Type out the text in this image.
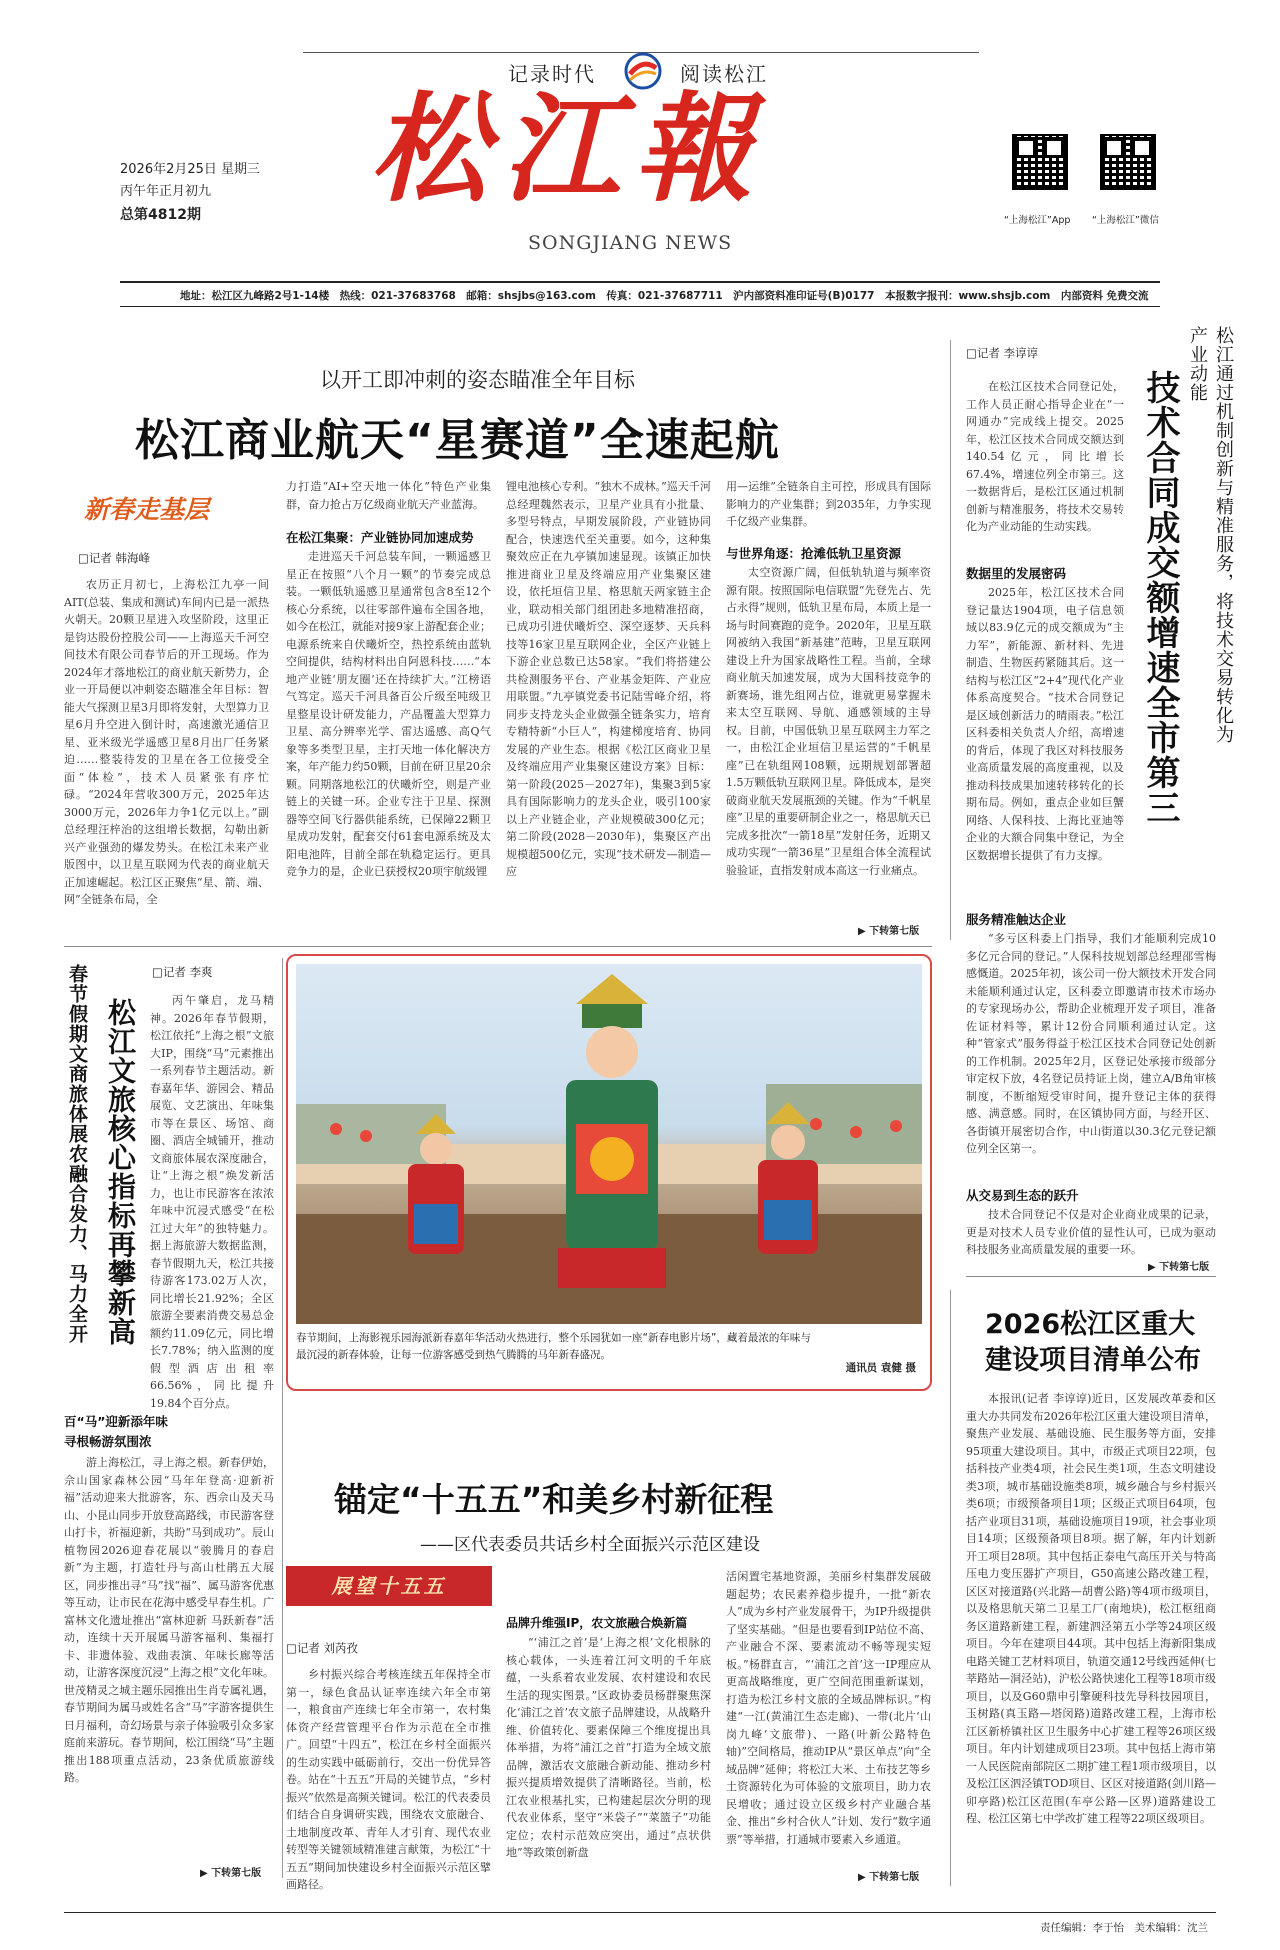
记录时代	阅读松江
松江報
SONGJIANG NEWS
2026年2月25日 星期三
丙午年正月初九
总第4812期	“上海松江”App “上海松江”微信
地址：松江区九峰路2号1-14楼　热线：021-37683768　邮箱：shsjbs@163.com　传真：021-37687711　沪内部资料准印证号(B)0177　本报数字报刊：www.shsjb.com　内部资料 免费交流
以开工即冲刺的姿态瞄准全年目标
松江商业航天“星赛道”全速起航
新春走基层
□记者 韩海峰
农历正月初七，上海松江九亭一间AIT(总装、集成和测试)车间内已是一派热火朝天。20颗卫星进入攻坚阶段，这里正是钧达股份控股公司——上海巡天千河空间技术有限公司春节后的开工现场。作为2024年才落地松江的商业航天新势力，企业一开局便以冲刺姿态瞄准全年目标：智能大气探测卫星3月即将发射，大型算力卫星6月升空进入倒计时，高速激光通信卫星、亚米级光学遥感卫星8月出厂任务紧迫……整装待发的卫星在各工位接受全面“体检”，技术人员紧张有序忙碌。“2024年营收300万元，2025年达3000万元，2026年力争1亿元以上。”副总经理汪梓治的这组增长数据，勾勒出新兴产业强劲的爆发势头。在松江未来产业版图中，以卫星互联网为代表的商业航天正加速崛起。松江区正聚焦“星、箭、端、网”全链条布局，全
力打造“AI+空天地一体化”特色产业集群，奋力抢占万亿级商业航天产业蓝海。
在松江集聚：产业链协同加速成势
走进巡天千河总装车间，一颗遥感卫星正在按照“八个月一颗”的节奏完成总装。一颗低轨遥感卫星通常包含8至12个核心分系统，以往零部件遍布全国各地，如今在松江，就能对接9家上游配套企业；电源系统来自伏曦炘空，热控系统由蓝轨空间提供，结构材料出自阿恩科技……“本地产业链‘朋友圈’还在持续扩大。”江榜语气笃定。巡天千河具备百公斤级至吨级卫星整星设计研发能力，产品覆盖大型算力卫星、高分辨率光学、雷达遥感、高Q气象等多类型卫星，主打天地一体化解决方案，年产能力约50颗，目前在研卫星20余颗。同期落地松江的伏曦炘空，则是产业链上的关键一环。企业专注于卫星、探测器等空间飞行器供能系统，已保障22颗卫星成功发射，配套交付61套电源系统及太阳电池阵，目前全部在轨稳定运行。更具竞争力的是，企业已获授权20项宇航级锂
锂电池核心专利。“独木不成林。”巡天千河总经理魏然表示，卫星产业具有小批量、多型号特点，早期发展阶段，产业链协同配合，快速迭代至关重要。如今，这种集聚效应正在九亭镇加速显现。该镇正加快推进商业卫星及终端应用产业集聚区建设，依托垣信卫星、格思航天两家链主企业，联动相关部门组团赴多地精准招商，已成功引进伏曦炘空、深空逐梦、天兵科技等16家卫星互联网企业，全区产业链上下游企业总数已达58家。“我们将搭建公共检测服务平台、产业基金矩阵、产业应用联盟。”九亭镇党委书记陆雪峰介绍，将同步支持龙头企业做强全链条实力，培育专精特新“小巨人”，构建梯度培育、协同发展的产业生态。根据《松江区商业卫星及终端应用产业集聚区建设方案》目标：第一阶段(2025－2027年)，集聚3到5家具有国际影响力的龙头企业，吸引100家以上产业链企业，产业规模破300亿元；第二阶段(2028－2030年)，集聚区产出规模超500亿元，实现“技术研发—制造—应
用—运维”全链条自主可控，形成具有国际影响力的产业集群；到2035年，力争实现千亿级产业集群。
与世界角逐：抢滩低轨卫星资源
太空资源广阔，但低轨轨道与频率资源有限。按照国际电信联盟“先登先占、先占永得”规则，低轨卫星布局，本质上是一场与时间赛跑的竞争。2020年，卫星互联网被纳入我国“新基建”范畴，卫星互联网建设上升为国家战略性工程。当前，全球商业航天加速发展，成为大国科技竞争的新赛场，谁先组网占位，谁就更易掌握未来太空互联网、导航、通感领域的主导权。目前，中国低轨卫星互联网主力军之一，由松江企业垣信卫星运营的“千帆星座”已在轨组网108颗，远期规划部署超1.5万颗低轨互联网卫星。降低成本，是突破商业航天发展瓶颈的关键。作为“千帆星座”卫星的重要研制企业之一，格思航天已完成多批次“一箭18星”发射任务，近期又成功实现“一箭36星”卫星组合体全流程试验验证，直指发射成本高这一行业痛点。
▶ 下转第七版
□记者 李谆谆	松江通过机制创新与精准服务，将技术交易转化为产业动能
技术合同成交额增速全市第三
在松江区技术合同登记处，工作人员正耐心指导企业在“一网通办”完成线上提交。2025年，松江区技术合同成交额达到140.54亿元，同比增长67.4%，增速位列全市第三。这一数据背后，是松江区通过机制创新与精准服务，将技术交易转化为产业动能的生动实践。
数据里的发展密码
2025年，松江区技术合同登记量达1904项，电子信息领域以83.9亿元的成交额成为“主力军”，新能源、新材料、先进制造、生物医药紧随其后。这一结构与松江区“2+4”现代化产业体系高度契合。“技术合同登记是区域创新活力的晴雨表。”松江区科委相关负责人介绍，高增速的背后，体现了我区对科技服务业高质量发展的高度重视，以及推动科技成果加速转移转化的长期布局。例如，重点企业如巨蟹网络、人保科技、上海比亚迪等企业的大额合同集中登记，为全区数据增长提供了有力支撑。
服务精准触达企业
“多亏区科委上门指导，我们才能顺利完成10多亿元合同的登记。”人保科技规划部总经理邵雪梅感慨道。2025年初，该公司一份大额技术开发合同未能顺利通过认定，区科委立即邀请市技术市场办的专家现场办公，帮助企业梳理开发子项目，准备佐证材料等，累计12份合同顺利通过认定。这种“管家式”服务得益于松江区技术合同登记处创新的工作机制。2025年2月，区登记处承接市级部分审定权下放，4名登记员持证上岗，建立A/B角审核制度，不断缩短受审时间，提升登记主体的获得感、满意感。同时，在区镇协同方面，与经开区、各街镇开展密切合作，中山街道以30.3亿元登记额位列全区第一。
从交易到生态的跃升
技术合同登记不仅是对企业商业成果的记录，更是对技术人员专业价值的显性认可，已成为驱动科技服务业高质量发展的重要一环。
▶ 下转第七版
2026松江区重大
建设项目清单公布
本报讯(记者 李谆谆)近日，区发展改革委和区重大办共同发布2026年松江区重大建设项目清单，聚焦产业发展、基础设施、民生服务等方面，安排95项重大建设项目。其中，市级正式项目22项，包括科技产业类4项，社会民生类1项，生态文明建设类3项，城市基础设施类8项，城乡融合与乡村振兴类6项；市级预备项目1项；区级正式项目64项，包括产业项目31项，基础设施项目19项，社会事业项目14项；区级预备项目8项。据了解，年内计划新开工项目28项。其中包括正泰电气高压开关与特高压电力变压器扩产项目，G50高速公路改建工程，区区对接道路(兴北路—胡曹公路)等4项市级项目，以及格思航天第二卫星工厂(南地块)，松江枢纽商务区道路新建工程，新建泗泾第五小学等24项区级项目。今年在建项目44项。其中包括上海新阳集成电路关键工艺材料项目，轨道交通12号线西延伸(七莘路站—洞泾站)，沪松公路快速化工程等18项市级项目，以及G60鼎申引擎硬科技先导科技园项目，玉树路(真玉路—塔闵路)道路改建工程，上海市松江区新桥镇社区卫生服务中心扩建工程等26项区级项目。年内计划建成项目23项。其中包括上海市第一人民医院南部院区二期扩建工程1项市级项目，以及松江区泗泾镇TOD项目、区区对接道路(剑川路—卯亭路)松江区范围(车亭公路—区界)道路建设工程、松江区第七中学改扩建工程等22项区级项目。
春节假期文商旅体展农融合发力、马力全开 松江文旅核心指标再攀新高
□记者 李爽
丙午肇启，龙马精神。2026年春节假期，松江依托“上海之根”文旅大IP，围绕“马”元素推出一系列春节主题活动。新春嘉年华、游园会、精品展览、文艺演出、年味集市等在景区、场馆、商圈、酒店全城铺开，推动文商旅体展农深度融合，让“上海之根”焕发新活力，也让市民游客在浓浓年味中沉浸式感受“在松江过大年”的独特魅力。据上海旅游大数据监测，春节假期九天，松江共接待游客173.02万人次，同比增长21.92%；全区旅游全要素消费交易总金额约11.09亿元，同比增长7.78%；纳入监测的度假型酒店出租率66.56%，同比提升19.84个百分点。
百“马”迎新添年味
寻根畅游氛围浓
游上海松江，寻上海之根。新春伊始，佘山国家森林公园“马年年登高·迎新祈福”活动迎来大批游客，东、西佘山及天马山、小昆山同步开放登高路线，市民游客登山打卡，祈福迎新，共盼“马到成功”。辰山植物园2026迎春花展以“骏腾月的春启新”为主题，打造牡丹与高山杜鹃五大展区，同步推出寻“马”找“福”、属马游客优惠等互动，让市民在花海中感受早春生机。广富林文化遗址推出“富林迎新 马跃新春”活动，连续十天开展属马游客福利、集福打卡、非遗体验、戏曲表演、年味长廊等活动，让游客深度沉浸“上海之根”文化年味。世茂精灵之城主题乐园推出生肖专属礼遇，春节期间为属马或姓名含“马”字游客提供生日月福利，奇幻场景与亲子体验吸引众多家庭前来游玩。春节期间，松江围绕“马”主题推出188项重点活动，23条优质旅游线路。
▶ 下转第七版
春节期间，上海影视乐园海派新春嘉年华活动火热进行，整个乐园犹如一座“新春电影片场”，藏着最浓的年味与最沉浸的新春体验，让每一位游客感受到热气腾腾的马年新春盛况。
通讯员 袁健 摄
锚定“十五五”和美乡村新征程
——区代表委员共话乡村全面振兴示范区建设
展望十五五
□记者 刘芮孜
乡村振兴综合考核连续五年保持全市第一，绿色食品认证率连续六年全市第一，粮食亩产连续七年全市第一，农村集体资产经营管理平台作为示范在全市推广。回望“十四五”，松江在乡村全面振兴的生动实践中砥砺前行，交出一份优异答卷。站在“十五五”开局的关键节点，“乡村振兴”依然是高频关键词。松江的代表委员们结合自身调研实践，围绕农文旅融合、土地制度改革、青年人才引育、现代农业转型等关键领域精准建言献策，为松江“十五五”期间加快建设乡村全面振兴示范区擘画路径。
品牌升维强IP，农文旅融合焕新篇
“‘浦江之首’是‘上海之根’文化根脉的核心载体，一头连着江河文明的千年底蕴，一头系着农业发展、农村建设和农民生活的现实图景。”区政协委员杨群聚焦深化‘浦江之首’农文旅子品牌建设，从战略升维、价值转化、要素保障三个维度提出具体举措，为将“浦江之首”打造为全域文旅品牌，激活农文旅融合新动能、推动乡村振兴提质增效提供了清晰路径。当前，松江农业根基扎实，已构建起层次分明的现代农业体系，坚守“米袋子”“菜篮子”功能定位；农村示范效应突出，通过“点状供地”等政策创新盘
活闲置宅基地资源，美丽乡村集群发展破题起势；农民素养稳步提升，一批“新农人”成为乡村产业发展骨干，为IP升级提供了坚实基础。“但是也要看到IP站位不高、产业融合不深、要素流动不畅等现实短板。”杨群直言，“‘浦江之首’这一IP理应从更高战略维度，更广空间范围重新谋划，打造为松江乡村文旅的全域品牌标识。”构建“一江(黄浦江生态走廊)、一带(北片‘山岗九峰’文旅带)、一路(叶新公路特色轴)”空间格局，推动IP从“景区单点”向“全域品牌”延伸；将松江大米、土布技艺等乡土资源转化为可体验的文旅项目，助力农民增收；通过设立区级乡村产业融合基金、推出“乡村合伙人”计划、发行“数字通票”等举措，打通城市要素入乡通道。
▶ 下转第七版
责任编辑：李于怡　美术编辑：沈兰
